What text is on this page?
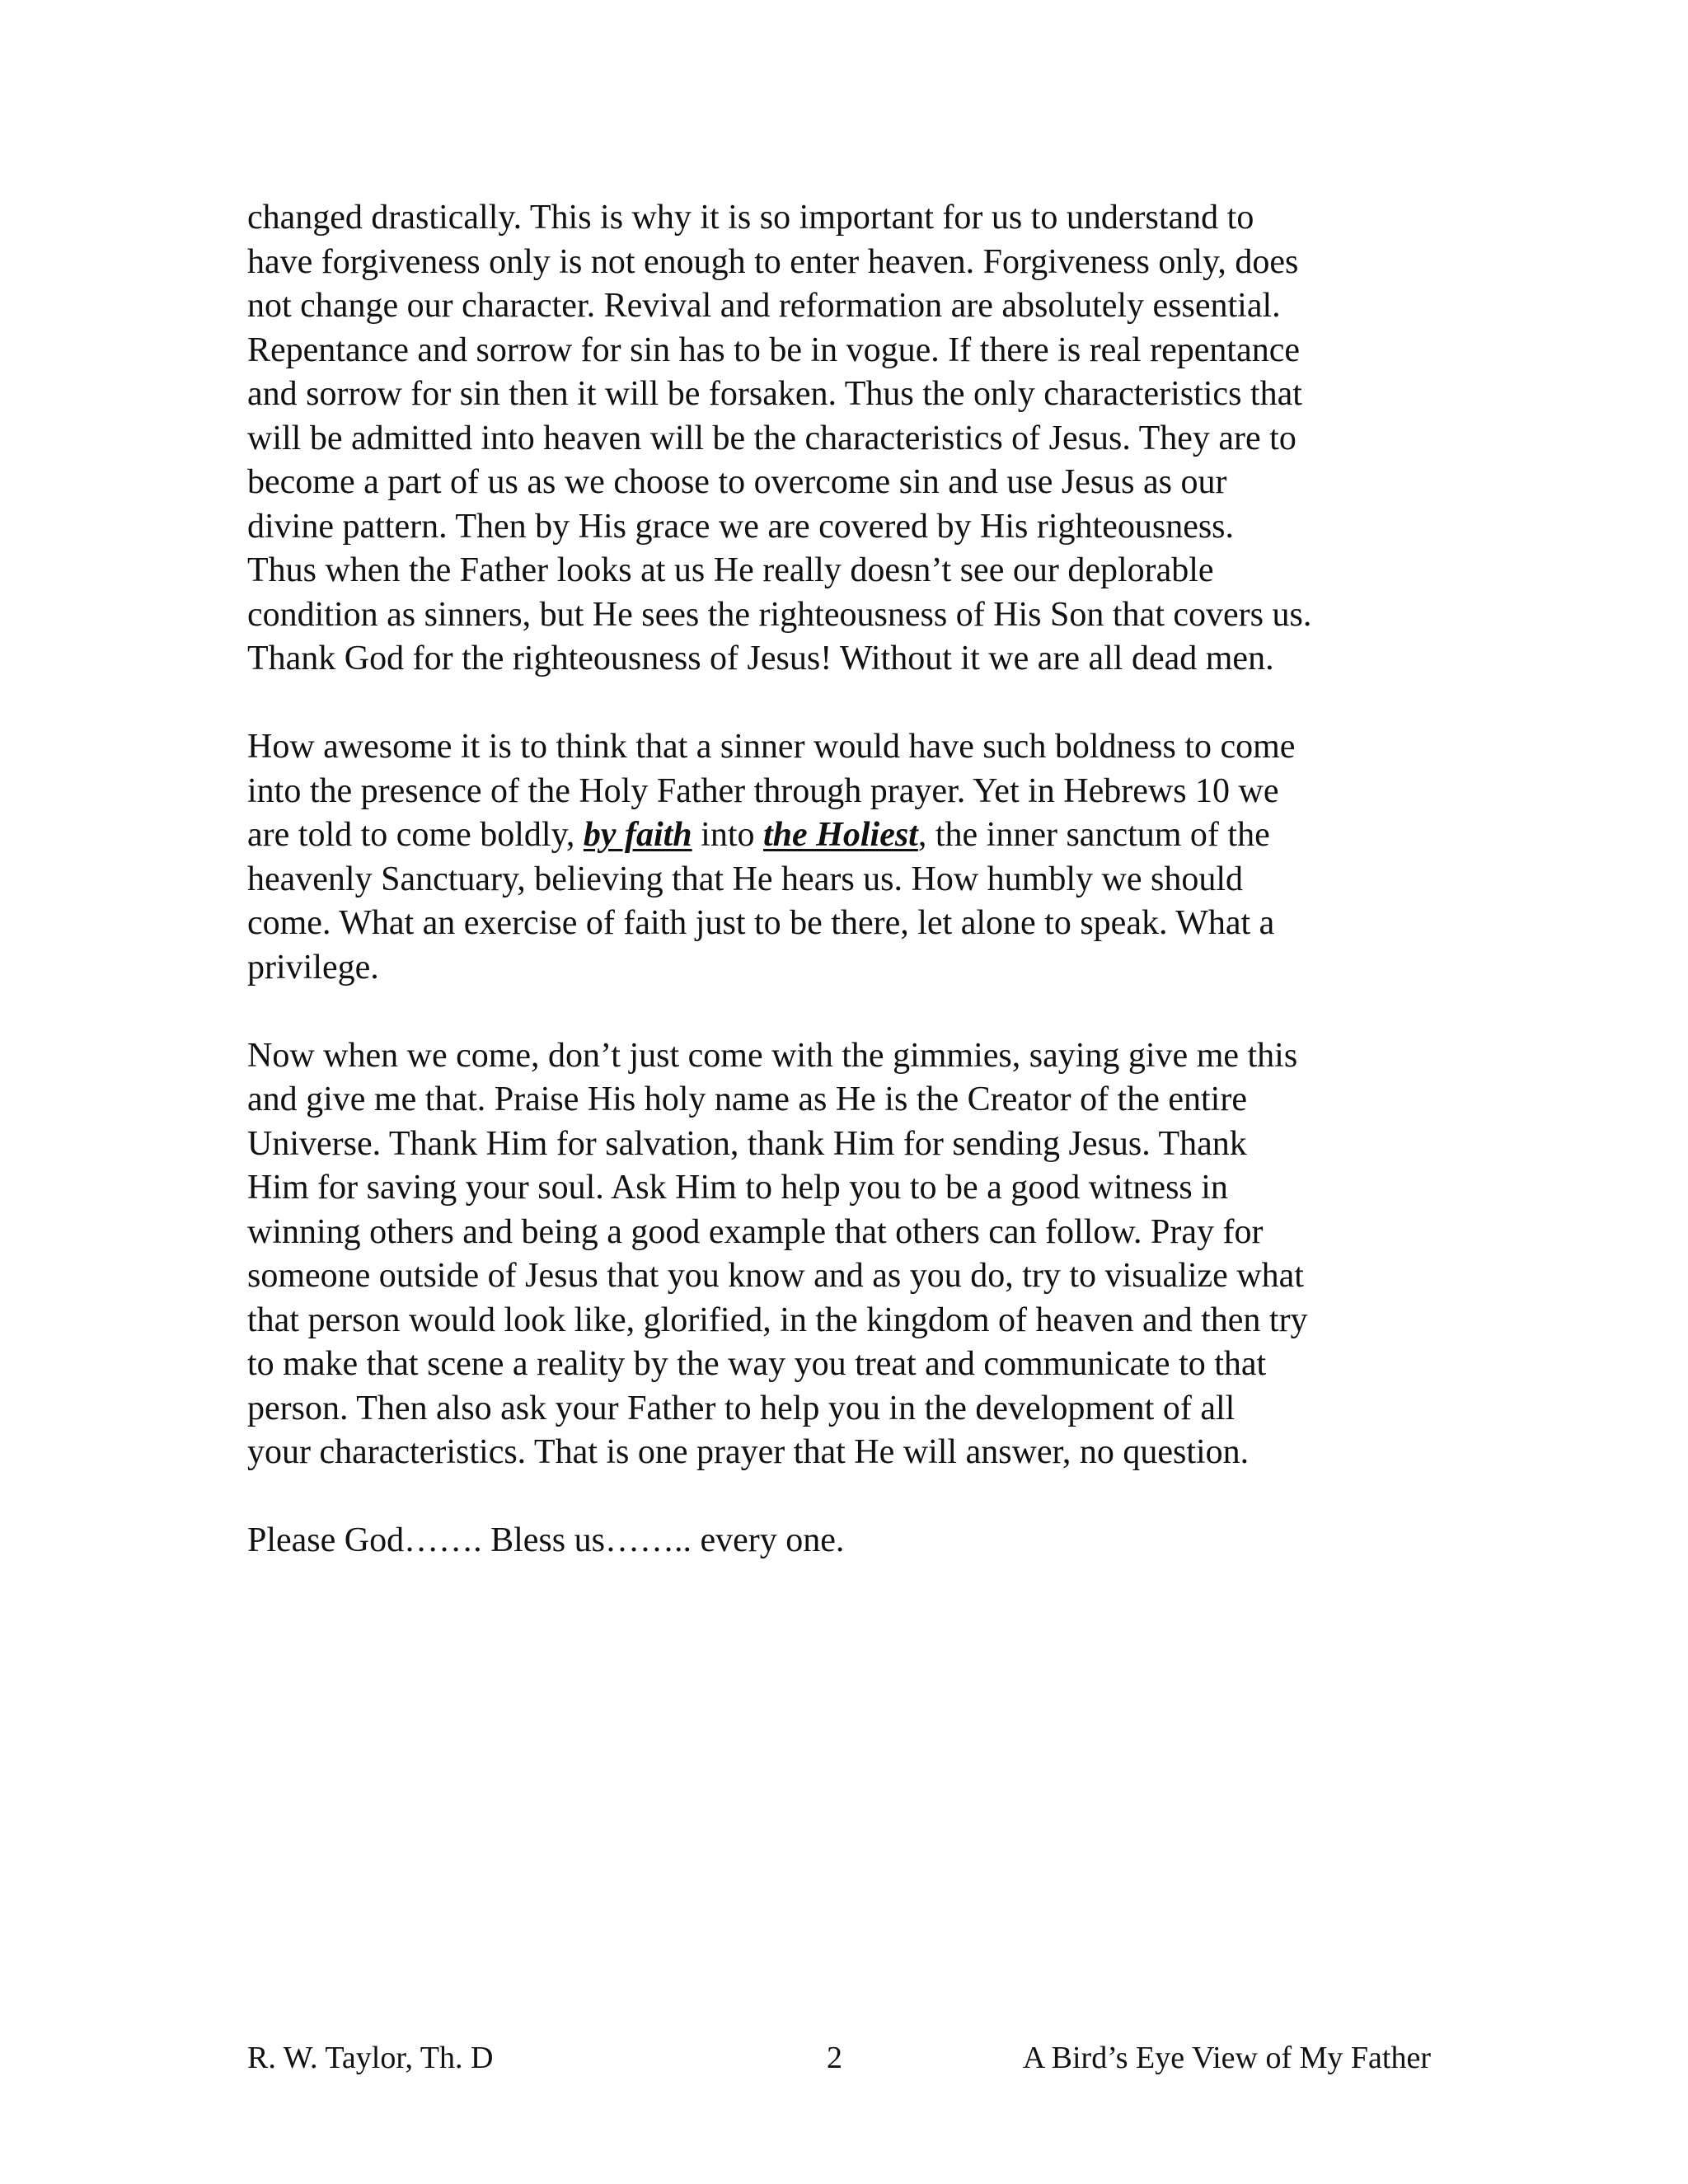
changed drastically. This is why it is so important for us to understand to
have forgiveness only is not enough to enter heaven. Forgiveness only, does
not change our character. Revival and reformation are absolutely essential.
Repentance and sorrow for sin has to be in vogue. If there is real repentance
and sorrow for sin then it will be forsaken. Thus the only characteristics that
will be admitted into heaven will be the characteristics of Jesus. They are to
become a part of us as we choose to overcome sin and use Jesus as our
divine pattern. Then by His grace we are covered by His righteousness.
Thus when the Father looks at us He really doesn’t see our deplorable
condition as sinners, but He sees the righteousness of His Son that covers us.
Thank God for the righteousness of Jesus! Without it we are all dead men.
How awesome it is to think that a sinner would have such boldness to come
into the presence of the Holy Father through prayer. Yet in Hebrews 10 we
are told to come boldly, by faith into the Holiest, the inner sanctum of the
heavenly Sanctuary, believing that He hears us. How humbly we should
come. What an exercise of faith just to be there, let alone to speak. What a
privilege.
Now when we come, don’t just come with the gimmies, saying give me this
and give me that. Praise His holy name as He is the Creator of the entire
Universe. Thank Him for salvation, thank Him for sending Jesus. Thank
Him for saving your soul. Ask Him to help you to be a good witness in
winning others and being a good example that others can follow. Pray for
someone outside of Jesus that you know and as you do, try to visualize what
that person would look like, glorified, in the kingdom of heaven and then try
to make that scene a reality by the way you treat and communicate to that
person. Then also ask your Father to help you in the development of all
your characteristics. That is one prayer that He will answer, no question.
Please God……. Bless us…….. every one.
R. W. Taylor, Th. D	2	A Bird’s Eye View of My Father
